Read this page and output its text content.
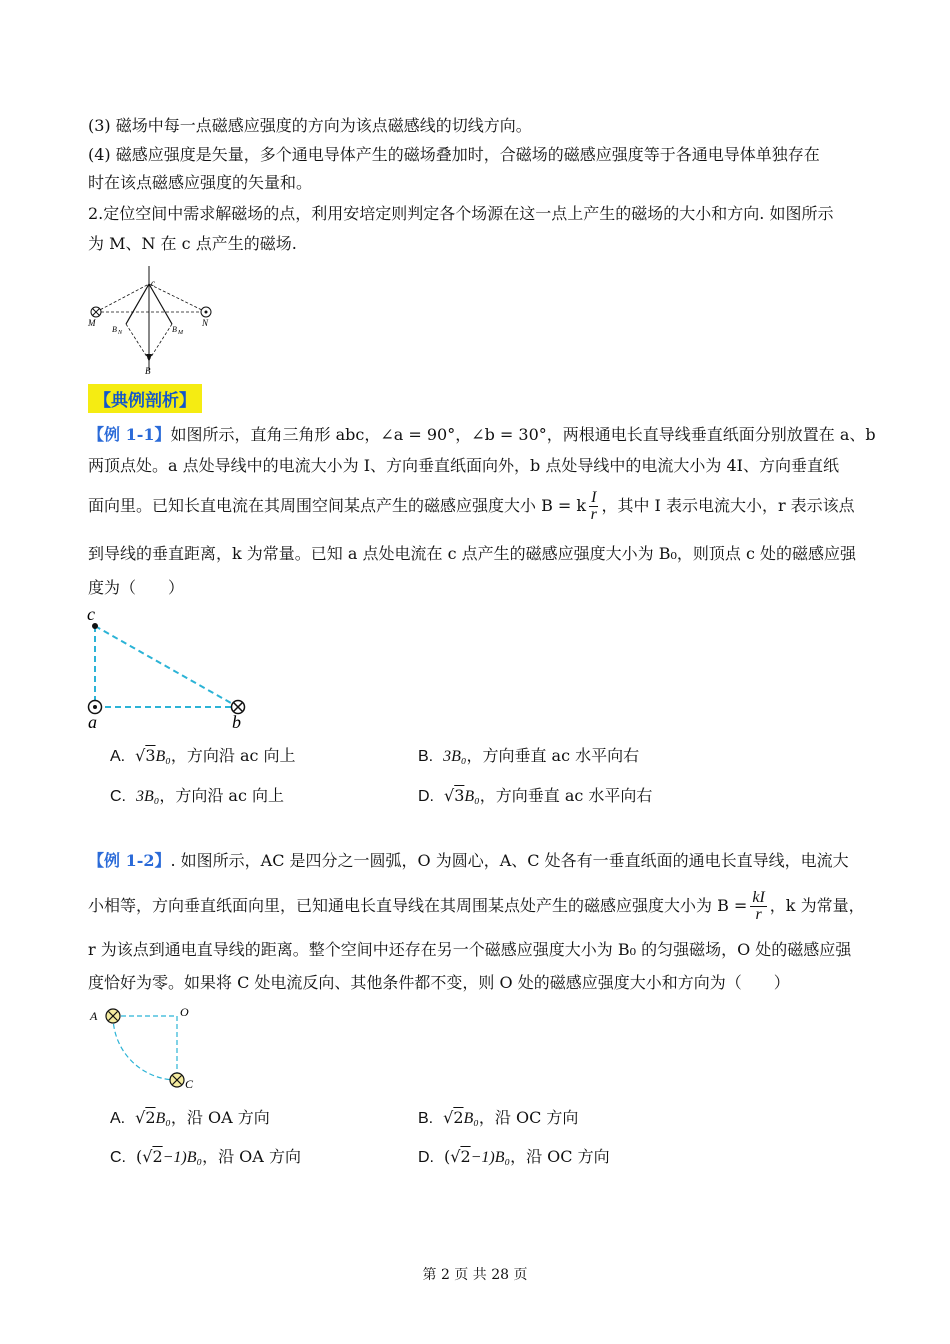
(3) 磁场中每一点磁感应强度的方向为该点磁感线的切线方向。
(4) 磁感应强度是矢量，多个通电导体产生的磁场叠加时，合磁场的磁感应强度等于各通电导体单独存在
时在该点磁感应强度的矢量和。
2.定位空间中需求解磁场的点，利用安培定则判定各个场源在这一点上产生的磁场的大小和方向. 如图所示
为 M、N 在 c 点产生的磁场.
c
M	N
B N	B M
B
【典例剖析】
【例 1-1】如图所示，直角三角形 abc，∠a = 90°，∠b = 30°，两根通电长直导线垂直纸面分别放置在 a、b
两顶点处。a 点处导线中的电流大小为 I、方向垂直纸面向外，b 点处导线中的电流大小为 4I、方向垂直纸
面向里。已知长直电流在其周围空间某点产生的磁感应强度大小 B = k $\frac{I}{r}$ ，其中 I 表示电流大小，r 表示该点
到导线的垂直距离，k 为常量。已知 a 点处电流在 c 点产生的磁感应强度大小为 B₀，则顶点 c 处的磁感应强
度为（　　）
c
a	b
A. √3B₀，方向沿 ac 向上	B. 3B₀，方向垂直 ac 水平向右
C. 3B₀，方向沿 ac 向上	D. √3B₀，方向垂直 ac 水平向右
【例 1-2】. 如图所示，AC 是四分之一圆弧，O 为圆心，A、C 处各有一垂直纸面的通电长直导线，电流大
小相等，方向垂直纸面向里，已知通电长直导线在其周围某点处产生的磁感应强度大小为 $B = \frac{kI}{r}$ ，k 为常量，
r 为该点到通电直导线的距离。整个空间中还存在另一个磁感应强度大小为 B₀ 的匀强磁场，O 处的磁感应强
度恰好为零。如果将 C 处电流反向、其他条件都不变，则 O 处的磁感应强度大小和方向为（　　）
A	O
C
A. √2B₀，沿 OA 方向	B. √2B₀，沿 OC 方向
C. (√2−1)B₀，沿 OA 方向	D. (√2−1)B₀，沿 OC 方向
第 2 页 共 28 页
